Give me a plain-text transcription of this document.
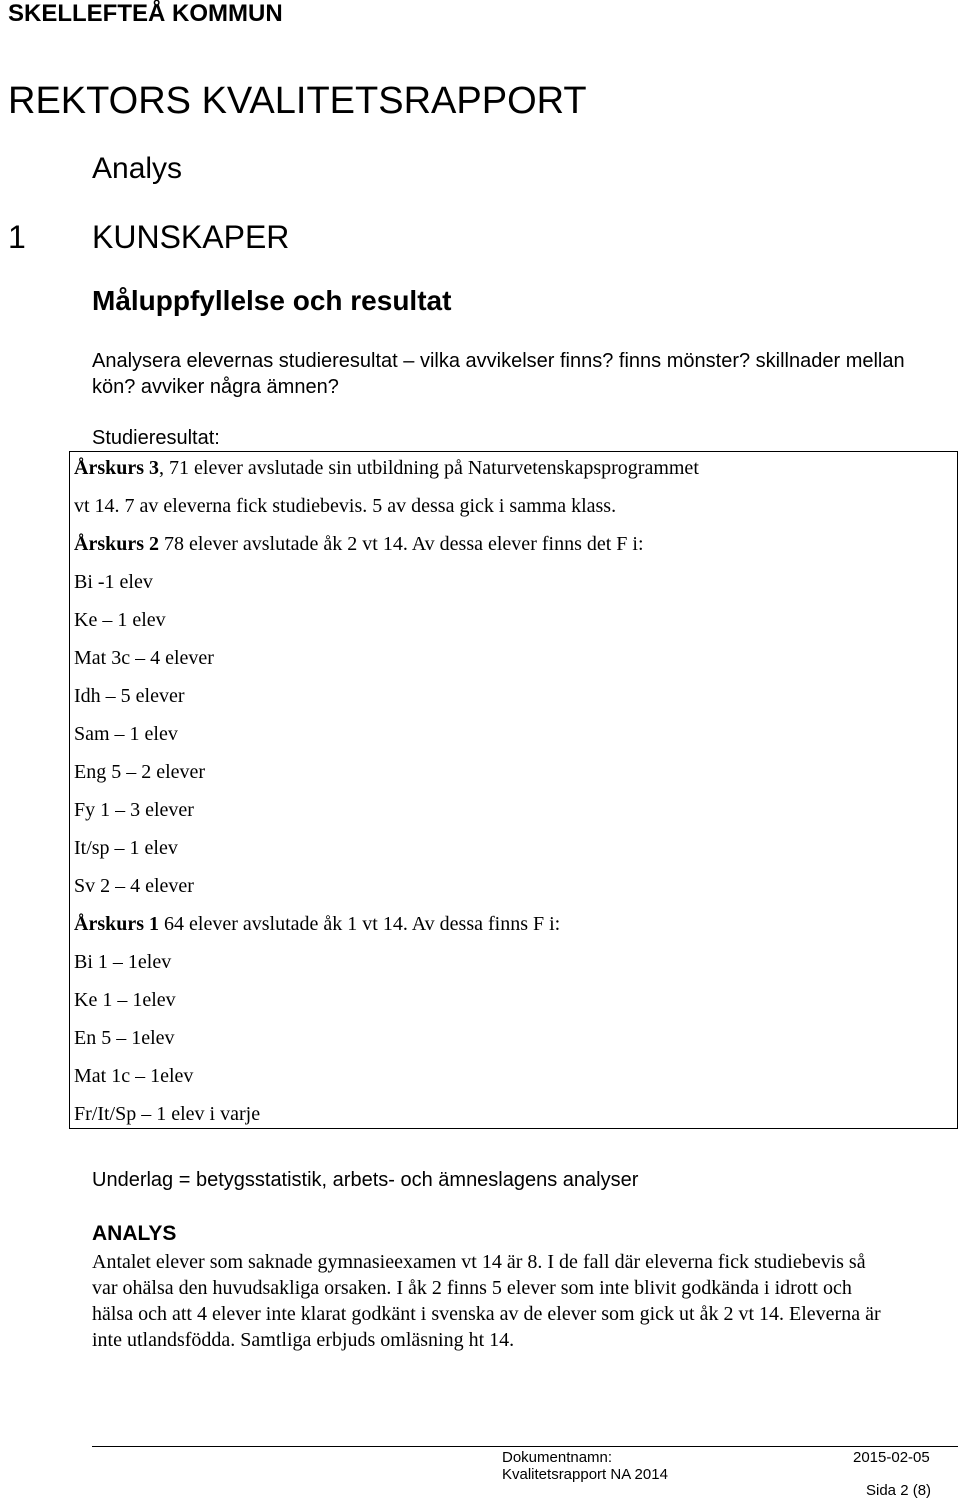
SKELLEFTEÅ KOMMUN
REKTORS KVALITETSRAPPORT
Analys
1 KUNSKAPER
Måluppfyllelse och resultat
Analysera elevernas studieresultat – vilka avvikelser finns? finns mönster? skillnader mellan kön? avviker några ämnen?
Studieresultat:
Årskurs 3, 71 elever avslutade sin utbildning på Naturvetenskapsprogrammet
vt 14. 7 av eleverna fick studiebevis. 5 av dessa gick i samma klass.
Årskurs 2 78 elever avslutade åk 2 vt 14. Av dessa elever finns det F i:
Bi -1 elev
Ke – 1 elev
Mat 3c – 4 elever
Idh – 5 elever
Sam – 1 elev
Eng 5 – 2 elever
Fy 1 – 3 elever
It/sp – 1 elev
Sv 2 – 4 elever
Årskurs 1 64 elever avslutade åk 1 vt 14. Av dessa finns F i:
Bi 1 – 1elev
Ke 1 – 1elev
En 5 – 1elev
Mat 1c – 1elev
Fr/It/Sp – 1 elev i varje
Underlag = betygsstatistik, arbets- och ämneslagens analyser
ANALYS
Antalet elever som saknade gymnasieexamen vt 14 är 8. I de fall där eleverna fick studiebevis så var ohälsa den huvudsakliga orsaken. I åk 2 finns 5 elever som inte blivit godkända i idrott och hälsa och att 4 elever inte klarat godkänt i svenska av de elever som gick ut åk 2 vt 14. Eleverna är inte utlandsfödda. Samtliga erbjuds omläsning ht 14.
Dokumentnamn:
Kvalitetsrapport NA 2014
2015-02-05
Sida 2 (8)
